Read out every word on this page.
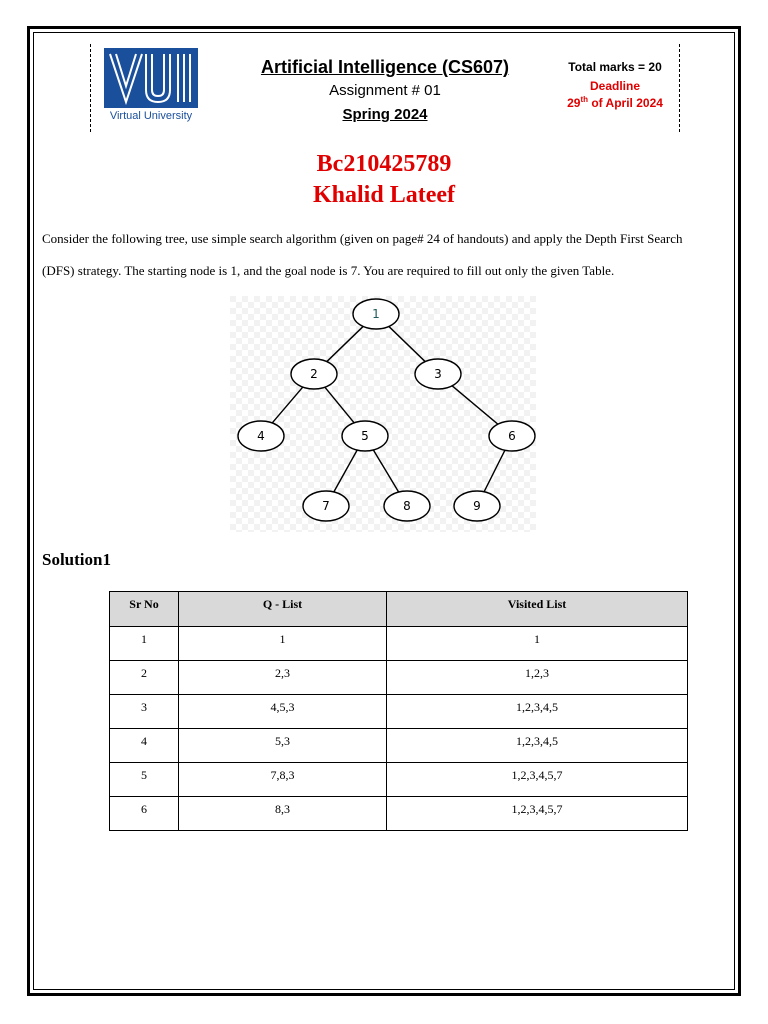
Virtual University
Artificial Intelligence (CS607)
Assignment # 01
Spring 2024
Total marks = 20
Deadline
29th of April 2024
Bc210425789
Khalid Lateef
Consider the following tree, use simple search algorithm (given on page# 24 of handouts) and apply the Depth First Search
(DFS) strategy. The starting node is 1, and the goal node is 7. You are required to fill out only the given Table.
1
2	3
4	5	6
7	8	9
Solution1
Sr No	Q - List	Visited List
1	1	1
2	2,3	1,2,3
3	4,5,3	1,2,3,4,5
4	5,3	1,2,3,4,5
5	7,8,3	1,2,3,4,5,7
6	8,3	1,2,3,4,5,7
